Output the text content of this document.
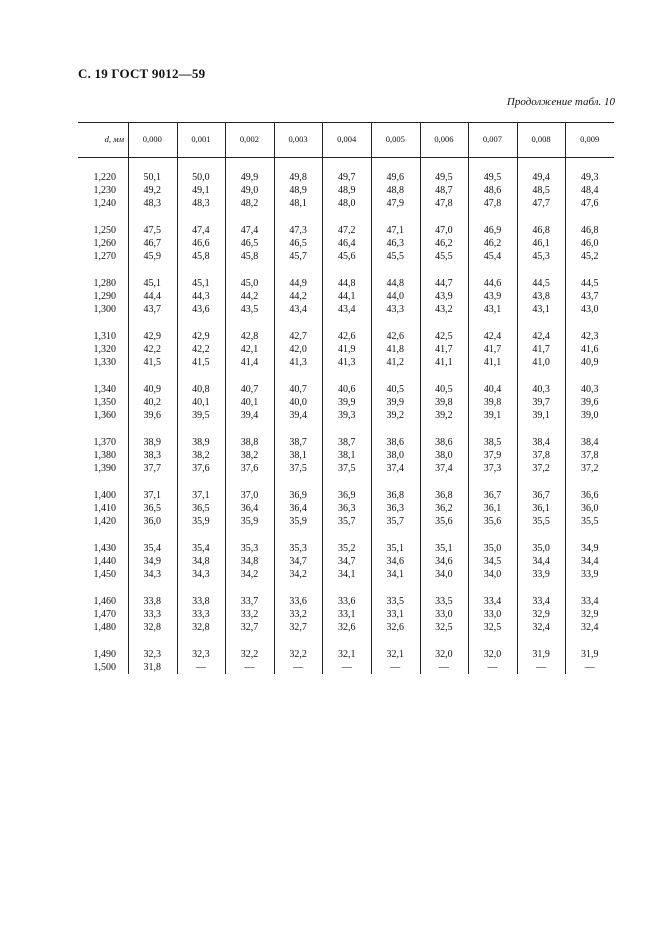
С. 19 ГОСТ 9012—59
Продолжение табл. 10
d, мм	0,000	0,001	0,002	0,003	0,004	0,005	0,006	0,007	0,008	0,009
1,220	50,1	50,0	49,9	49,8	49,7	49,6	49,5	49,5	49,4	49,3
1,230	49,2	49,1	49,0	48,9	48,9	48,8	48,7	48,6	48,5	48,4
1,240	48,3	48,3	48,2	48,1	48,0	47,9	47,8	47,8	47,7	47,6
1,250	47,5	47,4	47,4	47,3	47,2	47,1	47,0	46,9	46,8	46,8
1,260	46,7	46,6	46,5	46,5	46,4	46,3	46,2	46,2	46,1	46,0
1,270	45,9	45,8	45,8	45,7	45,6	45,5	45,5	45,4	45,3	45,2
1,280	45,1	45,1	45,0	44,9	44,8	44,8	44,7	44,6	44,5	44,5
1,290	44,4	44,3	44,2	44,2	44,1	44,0	43,9	43,9	43,8	43,7
1,300	43,7	43,6	43,5	43,4	43,4	43,3	43,2	43,1	43,1	43,0
1,310	42,9	42,9	42,8	42,7	42,6	42,6	42,5	42,4	42,4	42,3
1,320	42,2	42,2	42,1	42,0	41,9	41,8	41,7	41,7	41,7	41,6
1,330	41,5	41,5	41,4	41,3	41,3	41,2	41,1	41,1	41,0	40,9
1,340	40,9	40,8	40,7	40,7	40,6	40,5	40,5	40,4	40,3	40,3
1,350	40,2	40,1	40,1	40,0	39,9	39,9	39,8	39,8	39,7	39,6
1,360	39,6	39,5	39,4	39,4	39,3	39,2	39,2	39,1	39,1	39,0
1,370	38,9	38,9	38,8	38,7	38,7	38,6	38,6	38,5	38,4	38,4
1,380	38,3	38,2	38,2	38,1	38,1	38,0	38,0	37,9	37,8	37,8
1,390	37,7	37,6	37,6	37,5	37,5	37,4	37,4	37,3	37,2	37,2
1,400	37,1	37,1	37,0	36,9	36,9	36,8	36,8	36,7	36,7	36,6
1,410	36,5	36,5	36,4	36,4	36,3	36,3	36,2	36,1	36,1	36,0
1,420	36,0	35,9	35,9	35,9	35,7	35,7	35,6	35,6	35,5	35,5
1,430	35,4	35,4	35,3	35,3	35,2	35,1	35,1	35,0	35,0	34,9
1,440	34,9	34,8	34,8	34,7	34,7	34,6	34,6	34,5	34,4	34,4
1,450	34,3	34,3	34,2	34,2	34,1	34,1	34,0	34,0	33,9	33,9
1,460	33,8	33,8	33,7	33,6	33,6	33,5	33,5	33,4	33,4	33,4
1,470	33,3	33,3	33,2	33,2	33,1	33,1	33,0	33,0	32,9	32,9
1,480	32,8	32,8	32,7	32,7	32,6	32,6	32,5	32,5	32,4	32,4
1,490	32,3	32,3	32,2	32,2	32,1	32,1	32,0	32,0	31,9	31,9
1,500	31,8	—	—	—	—	—	—	—	—	—
